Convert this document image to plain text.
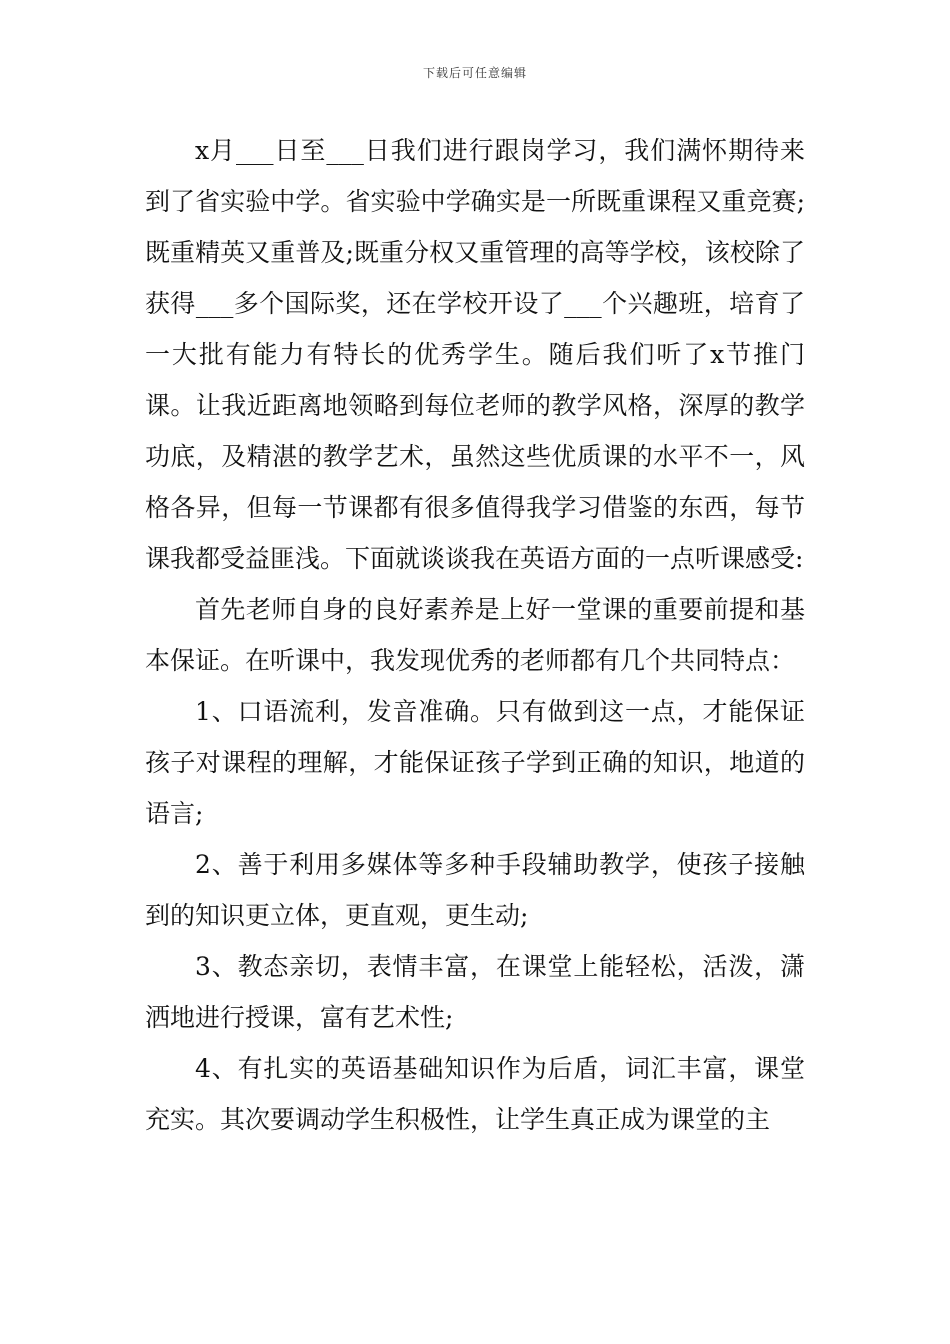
下载后可任意编辑

x月___日至___日我们进行跟岗学习，我们满怀期待来到了省实验中学。省实验中学确实是一所既重课程又重竞赛;既重精英又重普及;既重分权又重管理的高等学校，该校除了获得___多个国际奖，还在学校开设了___个兴趣班，培育了一大批有能力有特长的优秀学生。随后我们听了x节推门课。让我近距离地领略到每位老师的教学风格，深厚的教学功底，及精湛的教学艺术，虽然这些优质课的水平不一，风格各异，但每一节课都有很多值得我学习借鉴的东西，每节课我都受益匪浅。下面就谈谈我在英语方面的一点听课感受:

首先老师自身的良好素养是上好一堂课的重要前提和基本保证。在听课中，我发现优秀的老师都有几个共同特点：

1、口语流利，发音准确。只有做到这一点，才能保证孩子对课程的理解，才能保证孩子学到正确的知识，地道的语言;

2、善于利用多媒体等多种手段辅助教学，使孩子接触到的知识更立体，更直观，更生动;

3、教态亲切，表情丰富，在课堂上能轻松，活泼，潇洒地进行授课，富有艺术性;

4、有扎实的英语基础知识作为后盾，词汇丰富，课堂充实。其次要调动学生积极性，让学生真正成为课堂的主
